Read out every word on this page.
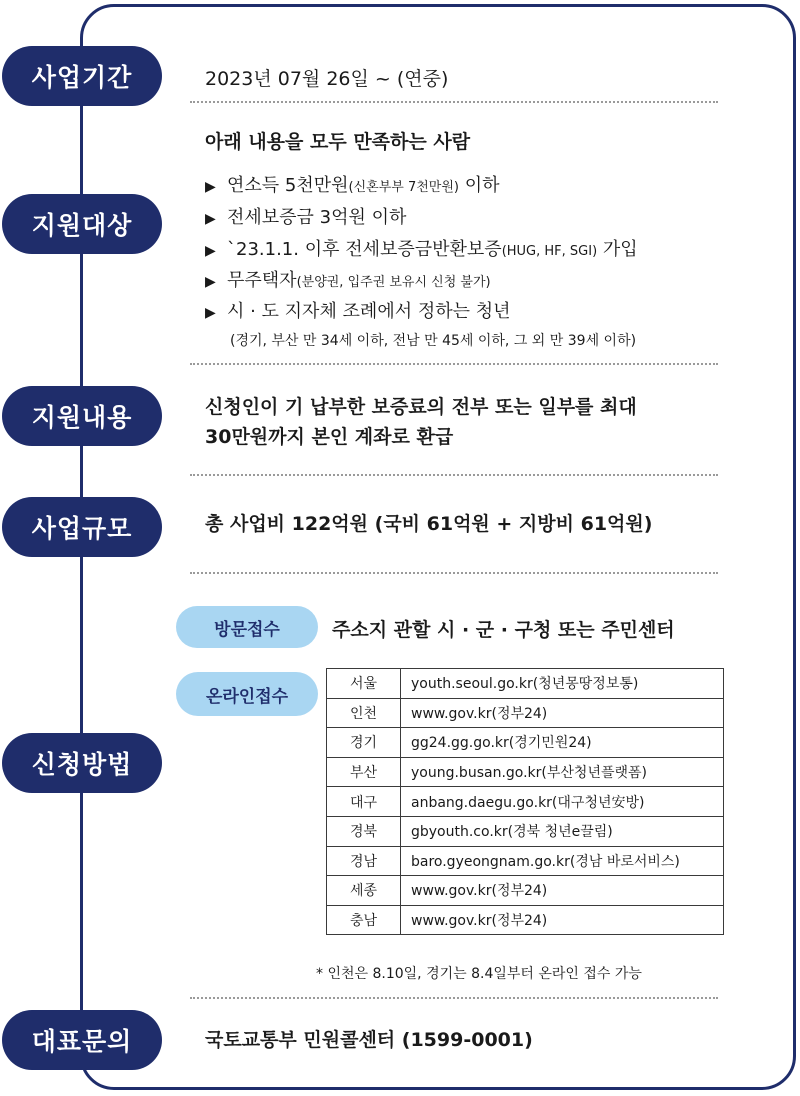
사업기간	2023년 07월 26일 ~ (연중)
지원대상
아래 내용을 모두 만족하는 사람
▶ 연소득 5천만원(신혼부부 7천만원) 이하
▶ 전세보증금 3억원 이하
▶ `23.1.1. 이후 전세보증금반환보증(HUG, HF, SGI) 가입
▶ 무주택자(분양권, 입주권 보유시 신청 불가)
▶ 시 · 도 지자체 조례에서 정하는 청년
(경기, 부산 만 34세 이하, 전남 만 45세 이하, 그 외 만 39세 이하)
지원내용	신청인이 기 납부한 보증료의 전부 또는 일부를 최대
30만원까지 본인 계좌로 환급
사업규모	총 사업비 122억원 (국비 61억원 + 지방비 61억원)
신청방법
방문접수	주소지 관할 시 · 군 · 구청 또는 주민센터
온라인접수
서울	youth.seoul.go.kr(청년몽땅정보통)
인천	www.gov.kr(정부24)
경기	gg24.gg.go.kr(경기민원24)
부산	young.busan.go.kr(부산청년플랫폼)
대구	anbang.daegu.go.kr(대구청년安방)
경북	gbyouth.co.kr(경북 청년e끌림)
경남	baro.gyeongnam.go.kr(경남 바로서비스)
세종	www.gov.kr(정부24)
충남	www.gov.kr(정부24)
* 인천은 8.10일, 경기는 8.4일부터 온라인 접수 가능
대표문의	국토교통부 민원콜센터 (1599-0001)
